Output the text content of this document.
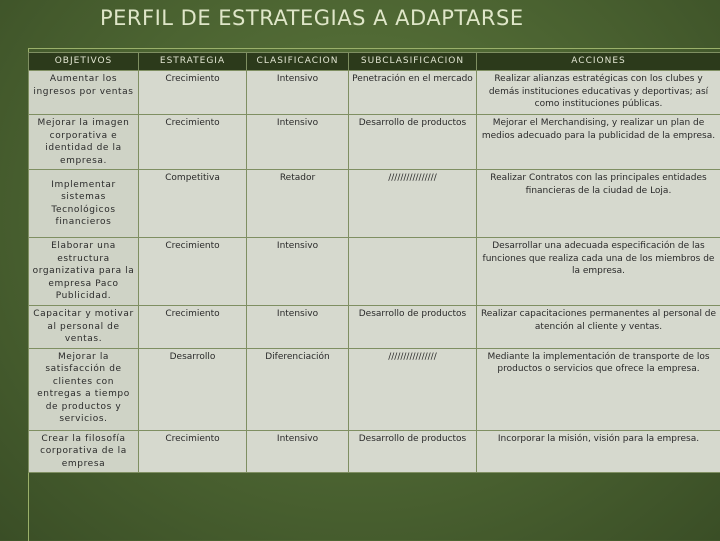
PERFIL DE ESTRATEGIAS A ADAPTARSE
OBJETIVOS	ESTRATEGIA	CLASIFICACION	SUBCLASIFICACION	ACCIONES
Aumentar los ingresos por ventas	Crecimiento	Intensivo	Penetración en el mercado	Realizar alianzas estratégicas con los clubes y demás instituciones educativas y deportivas; así como instituciones públicas.
Mejorar la imagen corporativa e identidad de la empresa.	Crecimiento	Intensivo	Desarrollo de productos	Mejorar el Merchandising, y realizar un plan de medios adecuado para la publicidad de la empresa.
Implementar sistemas Tecnológicos financieros	Competitiva	Retador	////////////////	Realizar Contratos con las principales entidades financieras de la ciudad de Loja.
Elaborar una estructura organizativa para la empresa Paco Publicidad.	Crecimiento	Intensivo		Desarrollar una adecuada especificación de las funciones que realiza cada una de los miembros de la empresa.
Capacitar y motivar al personal de ventas.	Crecimiento	Intensivo	Desarrollo de productos	Realizar capacitaciones permanentes al personal de atención al cliente y ventas.
Mejorar la satisfacción de clientes con entregas a tiempo de productos y servicios.	Desarrollo	Diferenciación	////////////////	Mediante la implementación de transporte de los productos o servicios que ofrece la empresa.
Crear la filosofía corporativa de la empresa	Crecimiento	Intensivo	Desarrollo de productos	Incorporar la misión, visión para la empresa.
